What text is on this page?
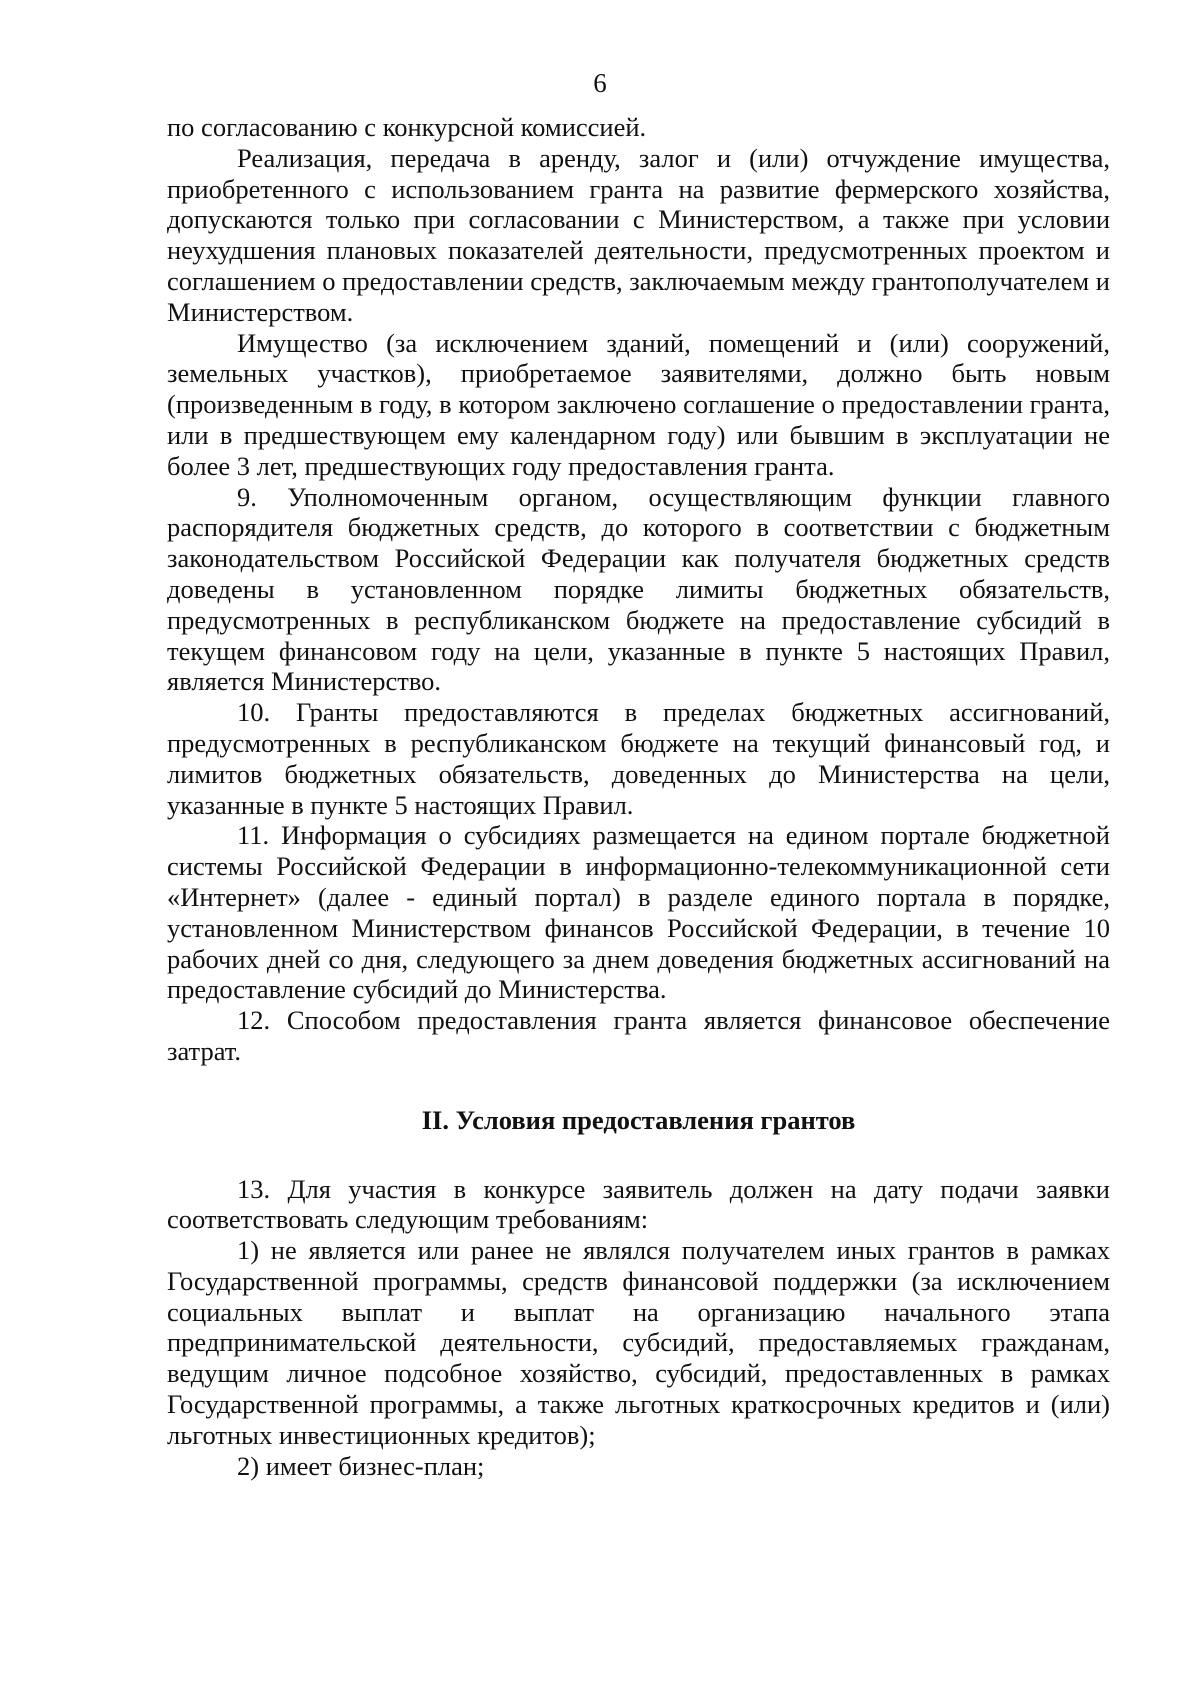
6

по согласованию с конкурсной комиссией.

Реализация, передача в аренду, залог и (или) отчуждение имущества, приобретенного с использованием гранта на развитие фермерского хозяйства, допускаются только при согласовании с Министерством, а также при условии неухудшения плановых показателей деятельности, предусмотренных проектом и соглашением о предоставлении средств, заключаемым между грантополучателем и Министерством.

Имущество (за исключением зданий, помещений и (или) сооружений, земельных участков), приобретаемое заявителями, должно быть новым (произведенным в году, в котором заключено соглашение о предоставлении гранта, или в предшествующем ему календарном году) или бывшим в эксплуатации не более 3 лет, предшествующих году предоставления гранта.

9. Уполномоченным органом, осуществляющим функции главного распорядителя бюджетных средств, до которого в соответствии с бюджетным законодательством Российской Федерации как получателя бюджетных средств доведены в установленном порядке лимиты бюджетных обязательств, предусмотренных в республиканском бюджете на предоставление субсидий в текущем финансовом году на цели, указанные в пункте 5 настоящих Правил, является Министерство.

10. Гранты предоставляются в пределах бюджетных ассигнований, предусмотренных в республиканском бюджете на текущий финансовый год, и лимитов бюджетных обязательств, доведенных до Министерства на цели, указанные в пункте 5 настоящих Правил.

11. Информация о субсидиях размещается на едином портале бюджетной системы Российской Федерации в информационно-телекоммуникационной сети «Интернет» (далее - единый портал) в разделе единого портала в порядке, установленном Министерством финансов Российской Федерации, в течение 10 рабочих дней со дня, следующего за днем доведения бюджетных ассигнований на предоставление субсидий до Министерства.

12. Способом предоставления гранта является финансовое обеспечение затрат.

II. Условия предоставления грантов

13. Для участия в конкурсе заявитель должен на дату подачи заявки соответствовать следующим требованиям:

1) не является или ранее не являлся получателем иных грантов в рамках Государственной программы, средств финансовой поддержки (за исключением социальных выплат и выплат на организацию начального этапа предпринимательской деятельности, субсидий, предоставляемых гражданам, ведущим личное подсобное хозяйство, субсидий, предоставленных в рамках Государственной программы, а также льготных краткосрочных кредитов и (или) льготных инвестиционных кредитов);

2) имеет бизнес-план;
